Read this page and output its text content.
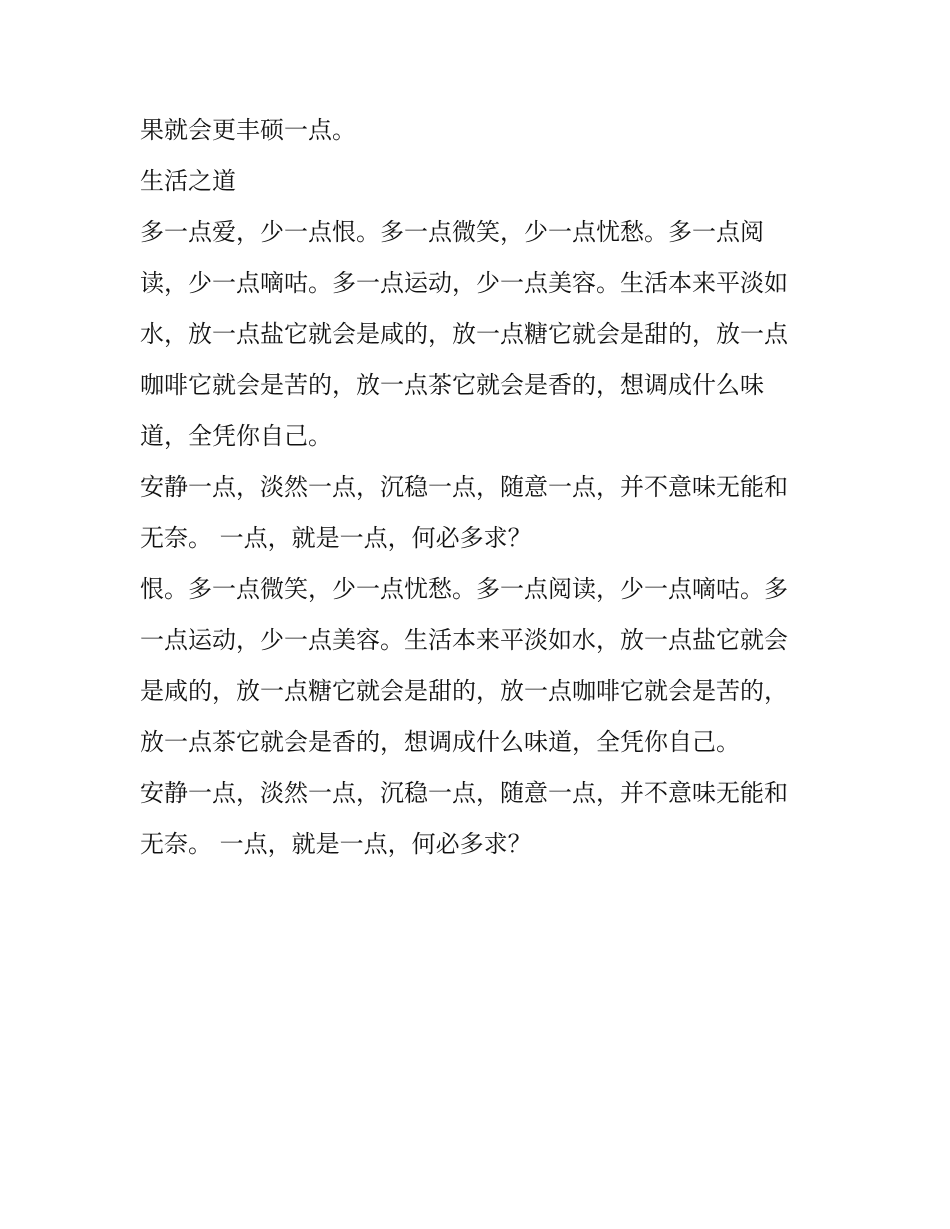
果就会更丰硕一点。
生活之道
多一点爱，少一点恨。多一点微笑，少一点忧愁。多一点阅
读，少一点嘀咕。多一点运动，少一点美容。生活本来平淡如
水，放一点盐它就会是咸的，放一点糖它就会是甜的，放一点
咖啡它就会是苦的，放一点茶它就会是香的，想调成什么味
道，全凭你自己。
安静一点，淡然一点，沉稳一点，随意一点，并不意味无能和
无奈。 一点，就是一点，何必多求？
恨。多一点微笑，少一点忧愁。多一点阅读，少一点嘀咕。多
一点运动，少一点美容。生活本来平淡如水，放一点盐它就会
是咸的，放一点糖它就会是甜的，放一点咖啡它就会是苦的，
放一点茶它就会是香的，想调成什么味道，全凭你自己。
安静一点，淡然一点，沉稳一点，随意一点，并不意味无能和
无奈。 一点，就是一点，何必多求？
